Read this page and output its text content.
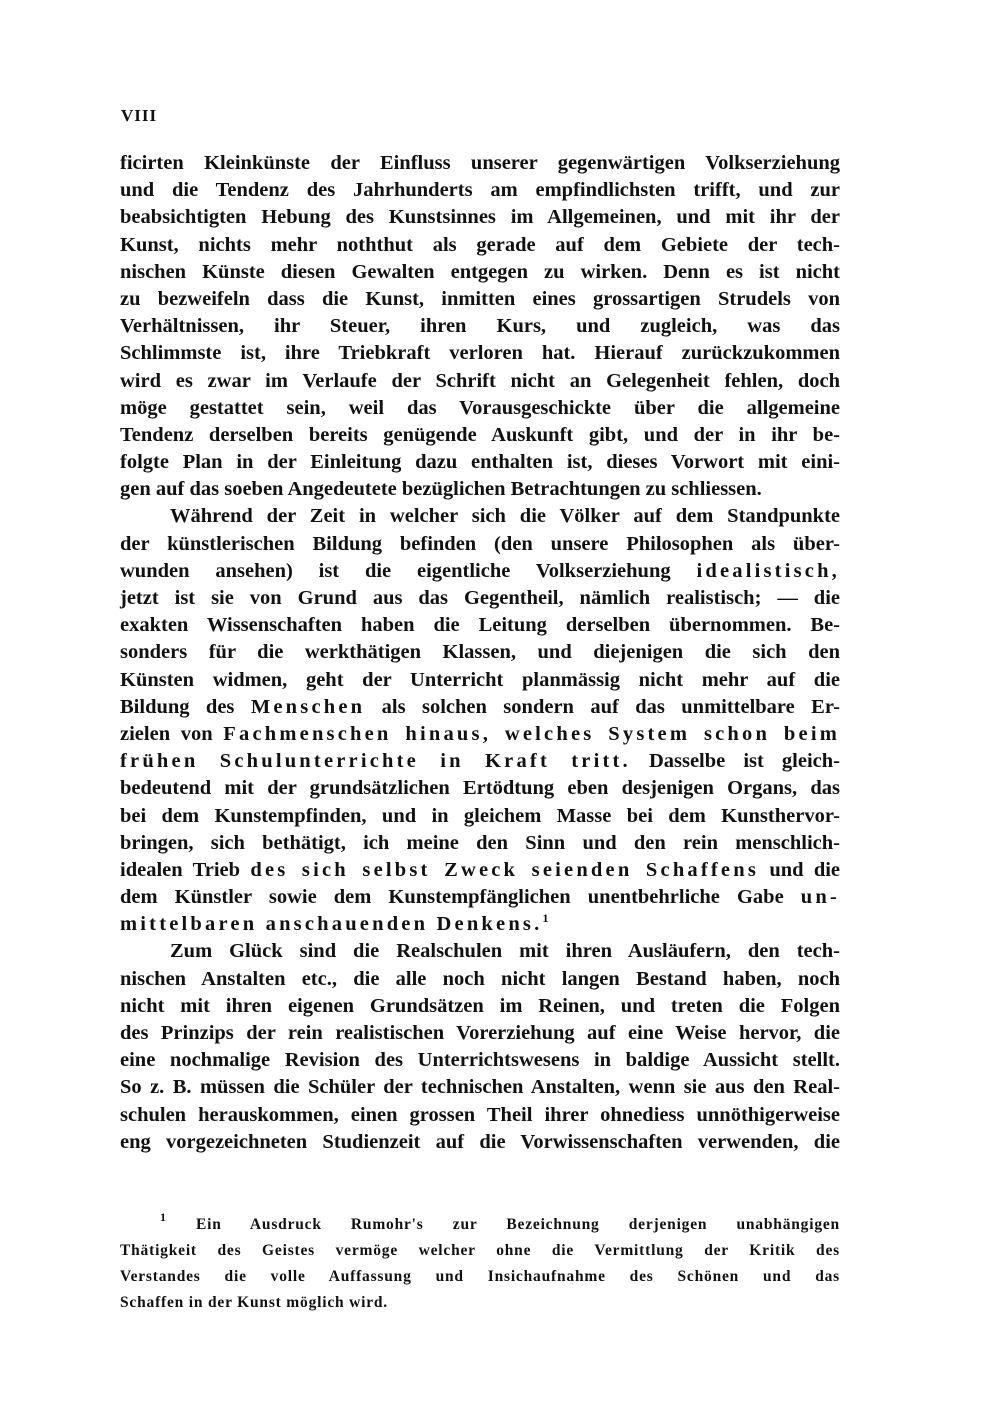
VIII
ficirten Kleinkünste der Einfluss unserer gegenwärtigen Volkserziehung
und die Tendenz des Jahrhunderts am empfindlichsten trifft, und zur
beabsichtigten Hebung des Kunstsinnes im Allgemeinen, und mit ihr der
Kunst, nichts mehr noththut als gerade auf dem Gebiete der tech-
nischen Künste diesen Gewalten entgegen zu wirken. Denn es ist nicht
zu bezweifeln dass die Kunst, inmitten eines grossartigen Strudels von
Verhältnissen, ihr Steuer, ihren Kurs, und zugleich, was das
Schlimmste ist, ihre Triebkraft verloren hat. Hierauf zurückzukommen
wird es zwar im Verlaufe der Schrift nicht an Gelegenheit fehlen, doch
möge gestattet sein, weil das Vorausgeschickte über die allgemeine
Tendenz derselben bereits genügende Auskunft gibt, und der in ihr be-
folgte Plan in der Einleitung dazu enthalten ist, dieses Vorwort mit eini-
gen auf das soeben Angedeutete bezüglichen Betrachtungen zu schliessen.
Während der Zeit in welcher sich die Völker auf dem Standpunkte
der künstlerischen Bildung befinden (den unsere Philosophen als über-
wunden ansehen) ist die eigentliche Volkserziehung idealistisch,
jetzt ist sie von Grund aus das Gegentheil, nämlich realistisch; — die
exakten Wissenschaften haben die Leitung derselben übernommen. Be-
sonders für die werkthätigen Klassen, und diejenigen die sich den
Künsten widmen, geht der Unterricht planmässig nicht mehr auf die
Bildung des Menschen als solchen sondern auf das unmittelbare Er-
zielen von Fachmenschen hinaus, welches System schon beim
frühen Schulunterrichte in Kraft tritt. Dasselbe ist gleich-
bedeutend mit der grundsätzlichen Ertödtung eben desjenigen Organs, das
bei dem Kunstempfinden, und in gleichem Masse bei dem Kunsthervor-
bringen, sich bethätigt, ich meine den Sinn und den rein menschlich-
idealen Trieb des sich selbst Zweck seienden Schaffens und die
dem Künstler sowie dem Kunstempfänglichen unentbehrliche Gabe un-
mittelbaren anschauenden Denkens.$^1$
Zum Glück sind die Realschulen mit ihren Ausläufern, den tech-
nischen Anstalten etc., die alle noch nicht langen Bestand haben, noch
nicht mit ihren eigenen Grundsätzen im Reinen, und treten die Folgen
des Prinzips der rein realistischen Vorerziehung auf eine Weise hervor, die
eine nochmalige Revision des Unterrichtswesens in baldige Aussicht stellt.
So z. B. müssen die Schüler der technischen Anstalten, wenn sie aus den Real-
schulen herauskommen, einen grossen Theil ihrer ohnediess unnöthigerweise
eng vorgezeichneten Studienzeit auf die Vorwissenschaften verwenden, die
$^1$ Ein Ausdruck Rumohr's zur Bezeichnung derjenigen unabhängigen
Thätigkeit des Geistes vermöge welcher ohne die Vermittlung der Kritik des
Verstandes die volle Auffassung und Insichaufnahme des Schönen und das
Schaffen in der Kunst möglich wird.
